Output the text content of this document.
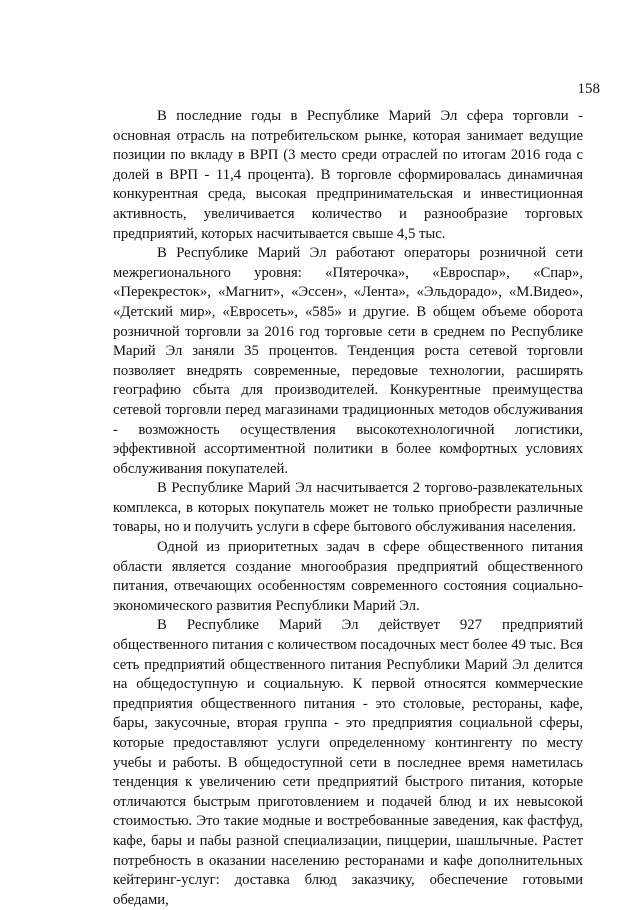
158

В последние годы в Республике Марий Эл сфера торговли - основная отрасль на потребительском рынке, которая занимает ведущие позиции по вкладу в ВРП (3 место среди отраслей по итогам 2016 года с долей в ВРП - 11,4 процента). В торговле сформировалась динамичная конкурентная среда, высокая предпринимательская и инвестиционная активность, увеличивается количество и разнообразие торговых предприятий, которых насчитывается свыше 4,5 тыс.

В Республике Марий Эл работают операторы розничной сети межрегионального уровня: «Пятерочка», «Евроспар», «Спар», «Перекресток», «Магнит», «Эссен», «Лента», «Эльдорадо», «М.Видео», «Детский мир», «Евросеть», «585» и другие. В общем объеме оборота розничной торговли за 2016 год торговые сети в среднем по Республике Марий Эл заняли 35 процентов. Тенденция роста сетевой торговли позволяет внедрять современные, передовые технологии, расширять географию сбыта для производителей. Конкурентные преимущества сетевой торговли перед магазинами традиционных методов обслуживания - возможность осуществления высокотехнологичной логистики, эффективной ассортиментной политики в более комфортных условиях обслуживания покупателей.

В Республике Марий Эл насчитывается 2 торгово-развлекательных комплекса, в которых покупатель может не только приобрести различные товары, но и получить услуги в сфере бытового обслуживания населения.

Одной из приоритетных задач в сфере общественного питания области является создание многообразия предприятий общественного питания, отвечающих особенностям современного состояния социально-экономического развития Республики Марий Эл.

В Республике Марий Эл действует 927 предприятий общественного питания с количеством посадочных мест более 49 тыс. Вся сеть предприятий общественного питания Республики Марий Эл делится на общедоступную и социальную. К первой относятся коммерческие предприятия общественного питания - это столовые, рестораны, кафе, бары, закусочные, вторая группа - это предприятия социальной сферы, которые предоставляют услуги определенному контингенту по месту учебы и работы. В общедоступной сети в последнее время наметилась тенденция к увеличению сети предприятий быстрого питания, которые отличаются быстрым приготовлением и подачей блюд и их невысокой стоимостью. Это такие модные и востребованные заведения, как фастфуд, кафе, бары и пабы разной специализации, пиццерии, шашлычные. Растет потребность в оказании населению ресторанами и кафе дополнительных кейтеринг-услуг: доставка блюд заказчику, обеспечение готовыми обедами,
